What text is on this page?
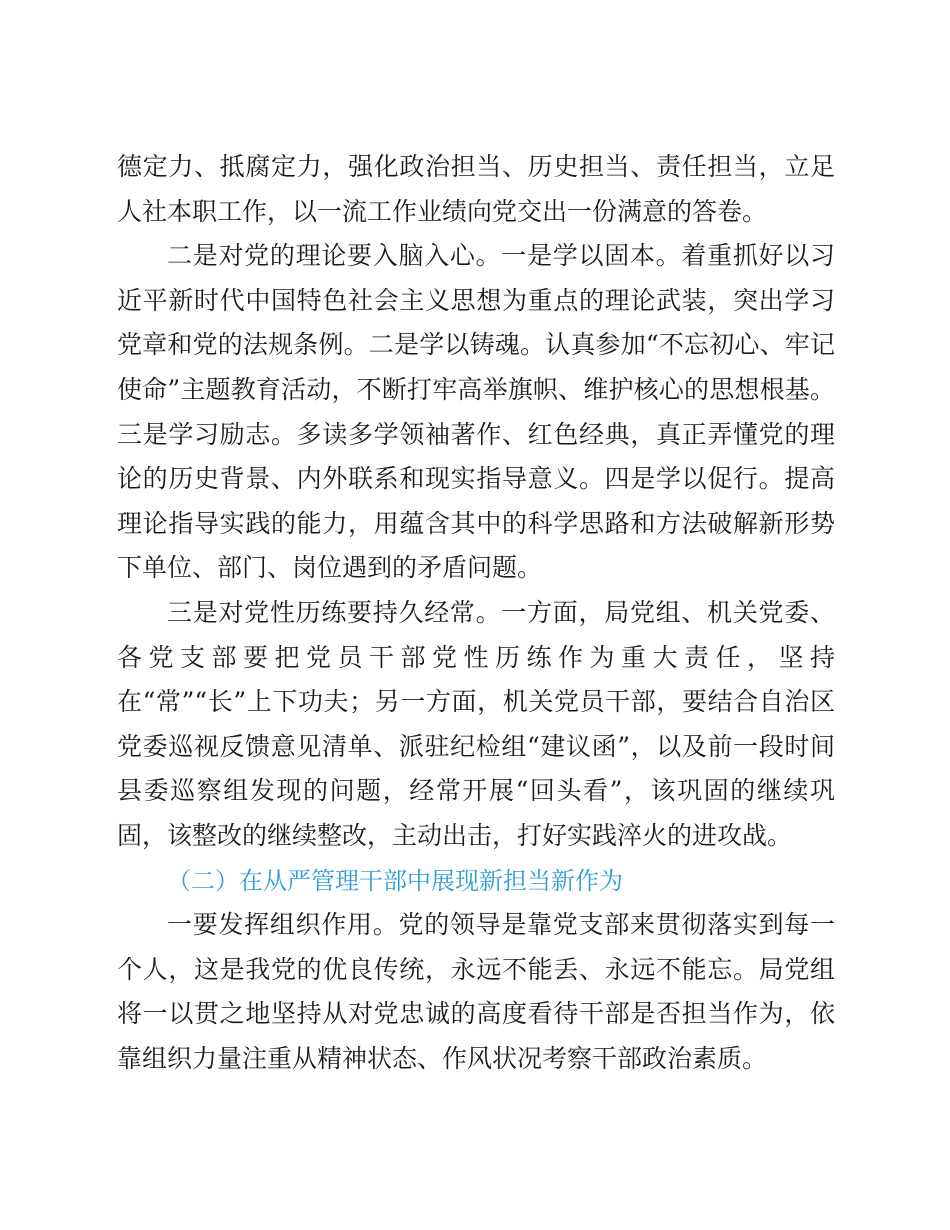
德定力、抵腐定力，强化政治担当、历史担当、责任担当，立足人社本职工作，以一流工作业绩向党交出一份满意的答卷。

二是对党的理论要入脑入心。一是学以固本。着重抓好以习近平新时代中国特色社会主义思想为重点的理论武装，突出学习党章和党的法规条例。二是学以铸魂。认真参加“不忘初心、牢记使命”主题教育活动，不断打牢高举旗帜、维护核心的思想根基。三是学习励志。多读多学领袖著作、红色经典，真正弄懂党的理论的历史背景、内外联系和现实指导意义。四是学以促行。提高理论指导实践的能力，用蕴含其中的科学思路和方法破解新形势下单位、部门、岗位遇到的矛盾问题。

三是对党性历练要持久经常。一方面，局党组、机关党委、各党支部要把党员干部党性历练作为重大责任，坚持在“常”“长”上下功夫；另一方面，机关党员干部，要结合自治区党委巡视反馈意见清单、派驻纪检组“建议函”，以及前一段时间县委巡察组发现的问题，经常开展“回头看”，该巩固的继续巩固，该整改的继续整改，主动出击，打好实践淬火的进攻战。

（二）在从严管理干部中展现新担当新作为

一要发挥组织作用。党的领导是靠党支部来贯彻落实到每一个人，这是我党的优良传统，永远不能丢、永远不能忘。局党组将一以贯之地坚持从对党忠诚的高度看待干部是否担当作为，依靠组织力量注重从精神状态、作风状况考察干部政治素质。
